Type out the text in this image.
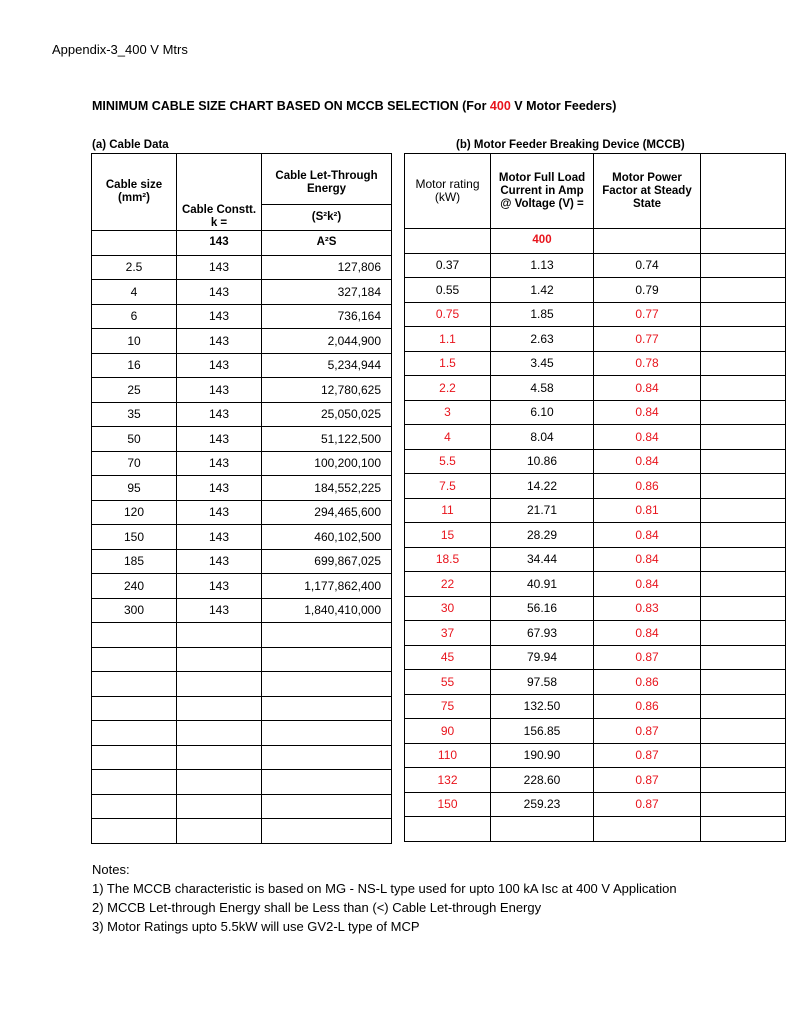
Appendix-3_400 V Mtrs
MINIMUM CABLE SIZE CHART BASED ON MCCB SELECTION (For 400 V Motor Feeders)
(a) Cable Data	(b) Motor Feeder Breaking Device (MCCB)
Cable size (mm²)		Cable Let-Through Energy
	Cable Constt. k =	(S²k²)
	143	A²S
2.5	143	127,806
4	143	327,184
6	143	736,164
10	143	2,044,900
16	143	5,234,944
25	143	12,780,625
35	143	25,050,025
50	143	51,122,500
70	143	100,200,100
95	143	184,552,225
120	143	294,465,600
150	143	460,102,500
185	143	699,867,025
240	143	1,177,862,400
300	143	1,840,410,000

Motor rating (kW)	Motor Full Load Current in Amp @ Voltage (V) =	Motor Power Factor at Steady State	

	400		
0.37	1.13	0.74	
0.55	1.42	0.79	
0.75	1.85	0.77	
1.1	2.63	0.77	
1.5	3.45	0.78	
2.2	4.58	0.84	
3	6.10	0.84	
4	8.04	0.84	
5.5	10.86	0.84	
7.5	14.22	0.86	
11	21.71	0.81	
15	28.29	0.84	
18.5	34.44	0.84	
22	40.91	0.84	
30	56.16	0.83	
37	67.93	0.84	
45	79.94	0.87	
55	97.58	0.86	
75	132.50	0.86	
90	156.85	0.87	
110	190.90	0.87	
132	228.60	0.87	
150	259.23	0.87	

Notes:
1) The MCCB characteristic is based on MG - NS-L type used for upto 100 kA Isc at 400 V Application
2) MCCB Let-through Energy shall be Less than (<) Cable Let-through Energy
3) Motor Ratings upto 5.5kW will use GV2-L type of MCP
